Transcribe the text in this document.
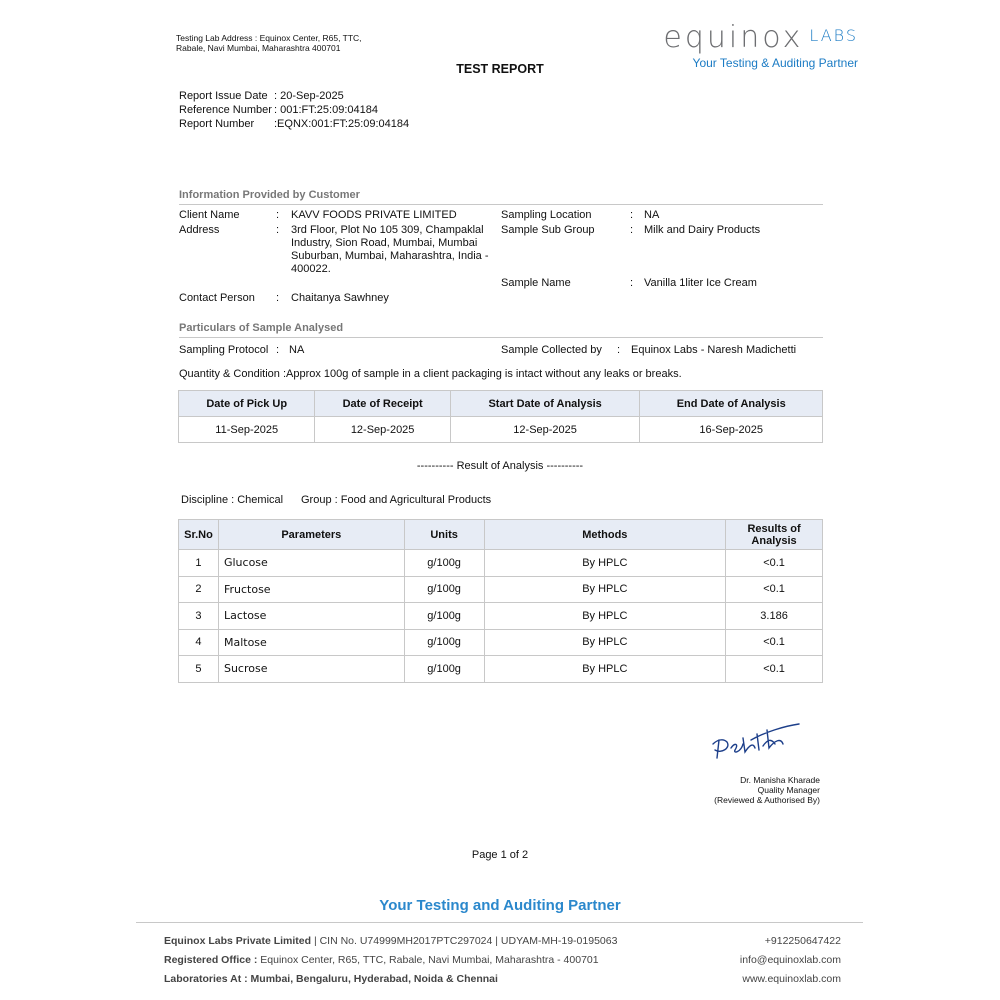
Testing Lab Address : Equinox Center, R65, TTC, Rabale, Navi Mumbai, Maharashtra 400701	equinox $^{LABS}$
Your Testing & Auditing Partner
TEST REPORT
Report Issue Date : 20-Sep-2025
Reference Number : 001:FT:25:09:04184
Report Number	:EQNX:001:FT:25:09:04184
Information Provided by Customer
Client Name	: KAVV FOODS PRIVATE LIMITED
Address	: 3rd Floor, Plot No 105 309, Champaklal Industry, Sion Road, Mumbai, Mumbai Suburban, Mumbai, Maharashtra, India - 400022.
Contact Person : Chaitanya Sawhney
Sampling Location	: NA
Sample Sub Group	: Milk and Dairy Products
Sample Name	: Vanilla 1liter Ice Cream
Particulars of Sample Analysed
Sampling Protocol : NA	Sample Collected by : Equinox Labs - Naresh Madichetti
Quantity & Condition :Approx 100g of sample in a client packaging is intact without any leaks or breaks.
Date of Pick Up	Date of Receipt	Start Date of Analysis	End Date of Analysis
11-Sep-2025	12-Sep-2025	12-Sep-2025	16-Sep-2025
---------- Result of Analysis ----------
Discipline : Chemical Group : Food and Agricultural Products
Sr.No	Parameters	Units	Methods	Results of Analysis
1	Glucose	g/100g	By HPLC	<0.1
2	Fructose	g/100g	By HPLC	<0.1
3	Lactose	g/100g	By HPLC	3.186
4	Maltose	g/100g	By HPLC	<0.1
5	Sucrose	g/100g	By HPLC	<0.1
Dr. Manisha Kharade
Quality Manager
(Reviewed & Authorised By)
Page 1 of 2
Your Testing and Auditing Partner
Equinox Labs Private Limited | CIN No. U74999MH2017PTC297024 | UDYAM-MH-19-0195063	+912250647422
Registered Office : Equinox Center, R65, TTC, Rabale, Navi Mumbai, Maharashtra - 400701	info@equinoxlab.com
Laboratories At : Mumbai, Bengaluru, Hyderabad, Noida & Chennai	www.equinoxlab.com
